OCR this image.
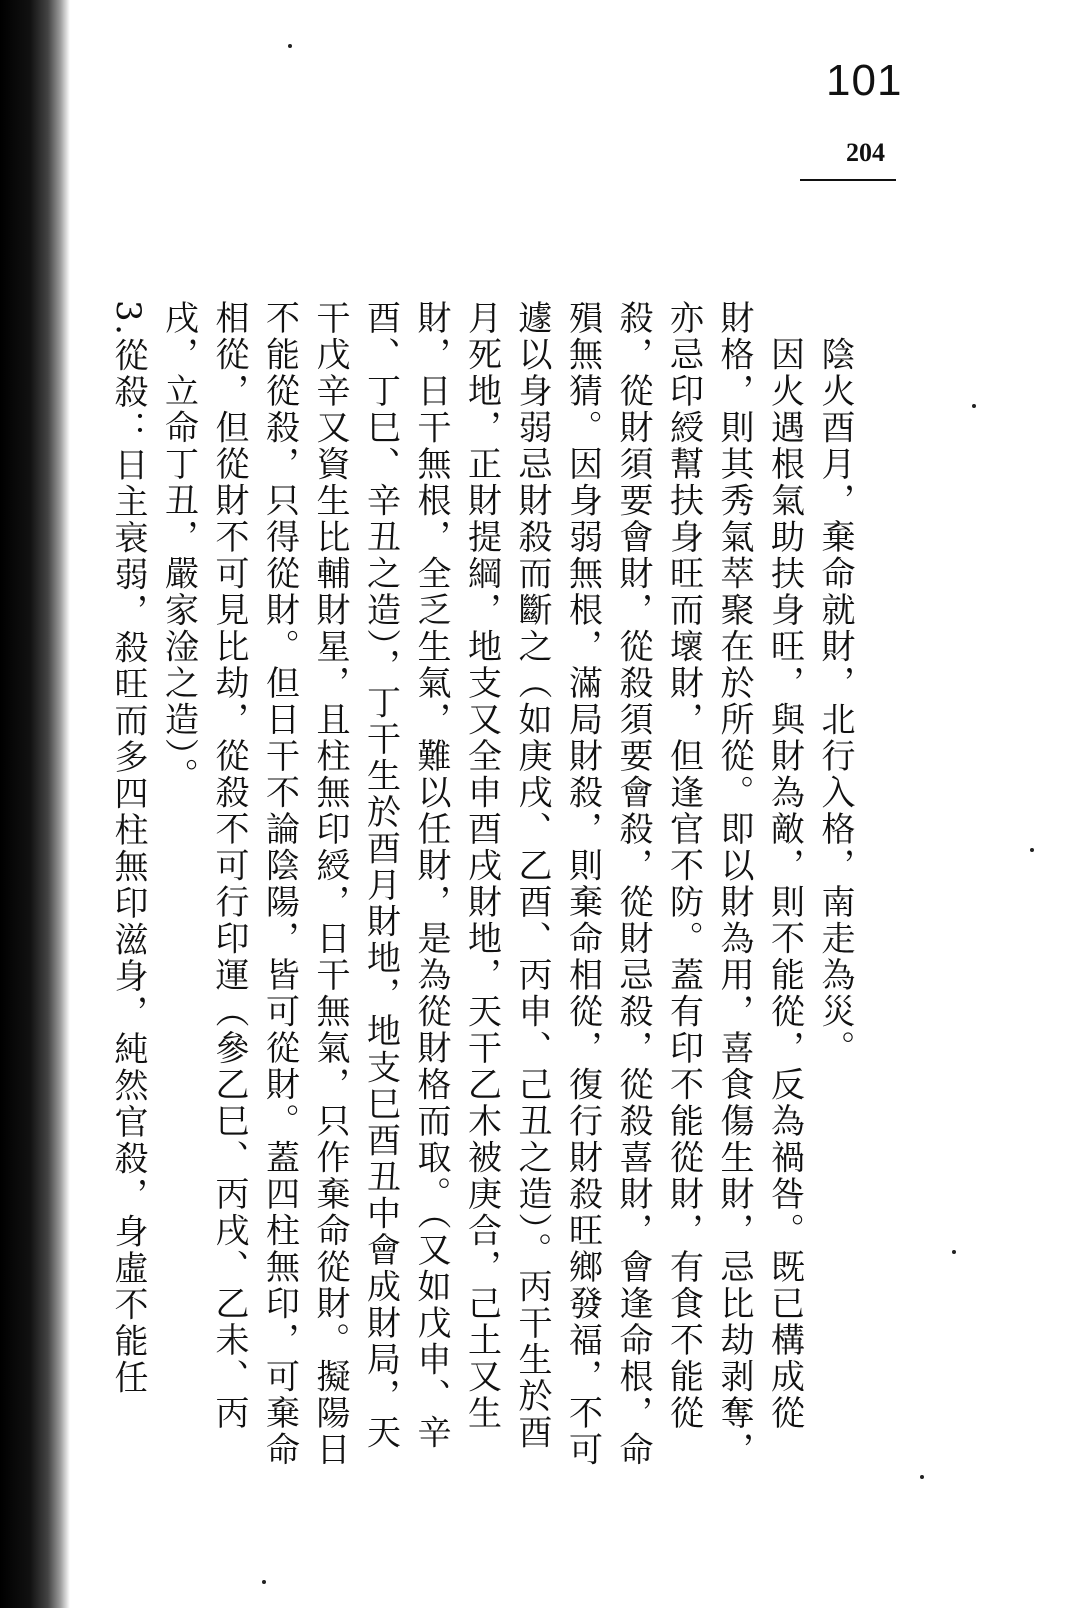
101
204
　陰火酉月，棄命就財，北行入格，南走為災。
　因火遇根氣助扶身旺，與財為敵，則不能從，反為禍咎。既已構成從
財格，則其秀氣萃聚在於所從。即以財為用，喜食傷生財，忌比劫剥奪，
亦忌印綬幫扶身旺而壞財，但逢官不防。蓋有印不能從財，有食不能從
殺，從財須要會財，從殺須要會殺，從財忌殺，從殺喜財，會逢命根，命
殞無猜。因身弱無根，滿局財殺，則棄命相從，復行財殺旺鄉發福，不可
遽以身弱忌財殺而斷之（如庚戌、乙酉、丙申、己丑之造）。丙干生於酉
月死地，正財提綱，地支又全申酉戌財地，天干乙木被庚合，己土又生
財，日干無根，全乏生氣，難以任財，是為從財格而取。（又如戊申、辛
酉、丁巳、辛丑之造），丁干生於酉月財地，地支巳酉丑中會成財局，天
干戊辛又資生比輔財星，且柱無印綬，日干無氣，只作棄命從財。擬陽日
不能從殺，只得從財。但日干不論陰陽，皆可從財。蓋四柱無印，可棄命
相從，但從財不可見比劫，從殺不可行印運（參乙巳、丙戌、乙未、丙
戌，立命丁丑，嚴家淦之造）。
3.從殺：日主衰弱，殺旺而多四柱無印滋身，純然官殺，身虛不能任
